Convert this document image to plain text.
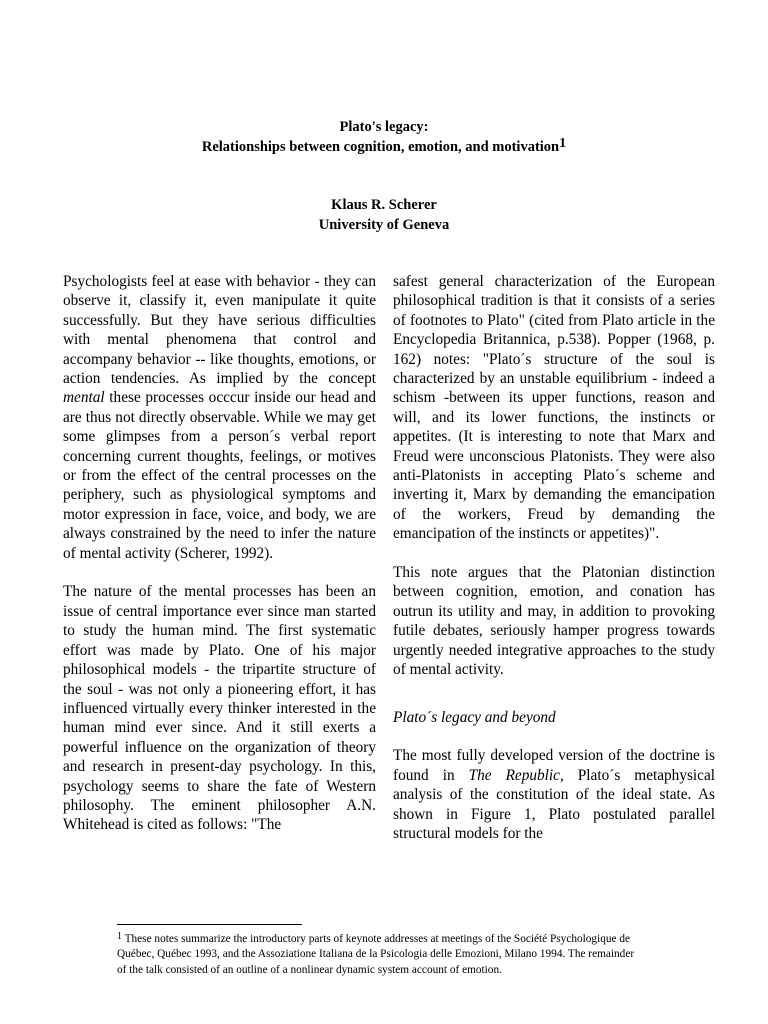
Plato's legacy:
Relationships between cognition, emotion, and motivation$^1$
Klaus R. Scherer
University of Geneva

Psychologists feel at ease with behavior - they can observe it, classify it, even manipulate it quite successfully. But they have serious difficulties with mental phenomena that control and accompany behavior -- like thoughts, emotions, or action tendencies. As implied by the concept mental these processes occcur inside our head and are thus not directly observable. While we may get some glimpses from a person´s verbal report concerning current thoughts, feelings, or motives or from the effect of the central processes on the periphery, such as physiological symptoms and motor expression in face, voice, and body, we are always constrained by the need to infer the nature of mental activity (Scherer, 1992).

The nature of the mental processes has been an issue of central importance ever since man started to study the human mind. The first systematic effort was made by Plato. One of his major philosophical models - the tripartite structure of the soul - was not only a pioneering effort, it has influenced virtually every thinker interested in the human mind ever since. And it still exerts a powerful influence on the organization of theory and research in present-day psychology. In this, psychology seems to share the fate of Western philosophy. The eminent philosopher A.N. Whitehead is cited as follows: "The

safest general characterization of the European philosophical tradition is that it consists of a series of footnotes to Plato" (cited from Plato article in the Encyclopedia Britannica, p.538). Popper (1968, p. 162) notes: "Plato´s structure of the soul is characterized by an unstable equilibrium - indeed a schism -between its upper functions, reason and will, and its lower functions, the instincts or appetites. (It is interesting to note that Marx and Freud were unconscious Platonists. They were also anti-Platonists in accepting Plato´s scheme and inverting it, Marx by demanding the emancipation of the workers, Freud by demanding the emancipation of the instincts or appetites)".

This note argues that the Platonian distinction between cognition, emotion, and conation has outrun its utility and may, in addition to provoking futile debates, seriously hamper progress towards urgently needed integrative approaches to the study of mental activity.

Plato´s legacy and beyond

The most fully developed version of the doctrine is found in The Republic, Plato´s metaphysical analysis of the constitution of the ideal state. As shown in Figure 1, Plato postulated parallel structural models for the

$^1$ These notes summarize the introductory parts of keynote addresses at meetings of the Société Psychologique de Québec, Québec 1993, and the Assoziatione Italiana de la Psicologia delle Emozioni, Milano 1994. The remainder of the talk consisted of an outline of a nonlinear dynamic system account of emotion.
